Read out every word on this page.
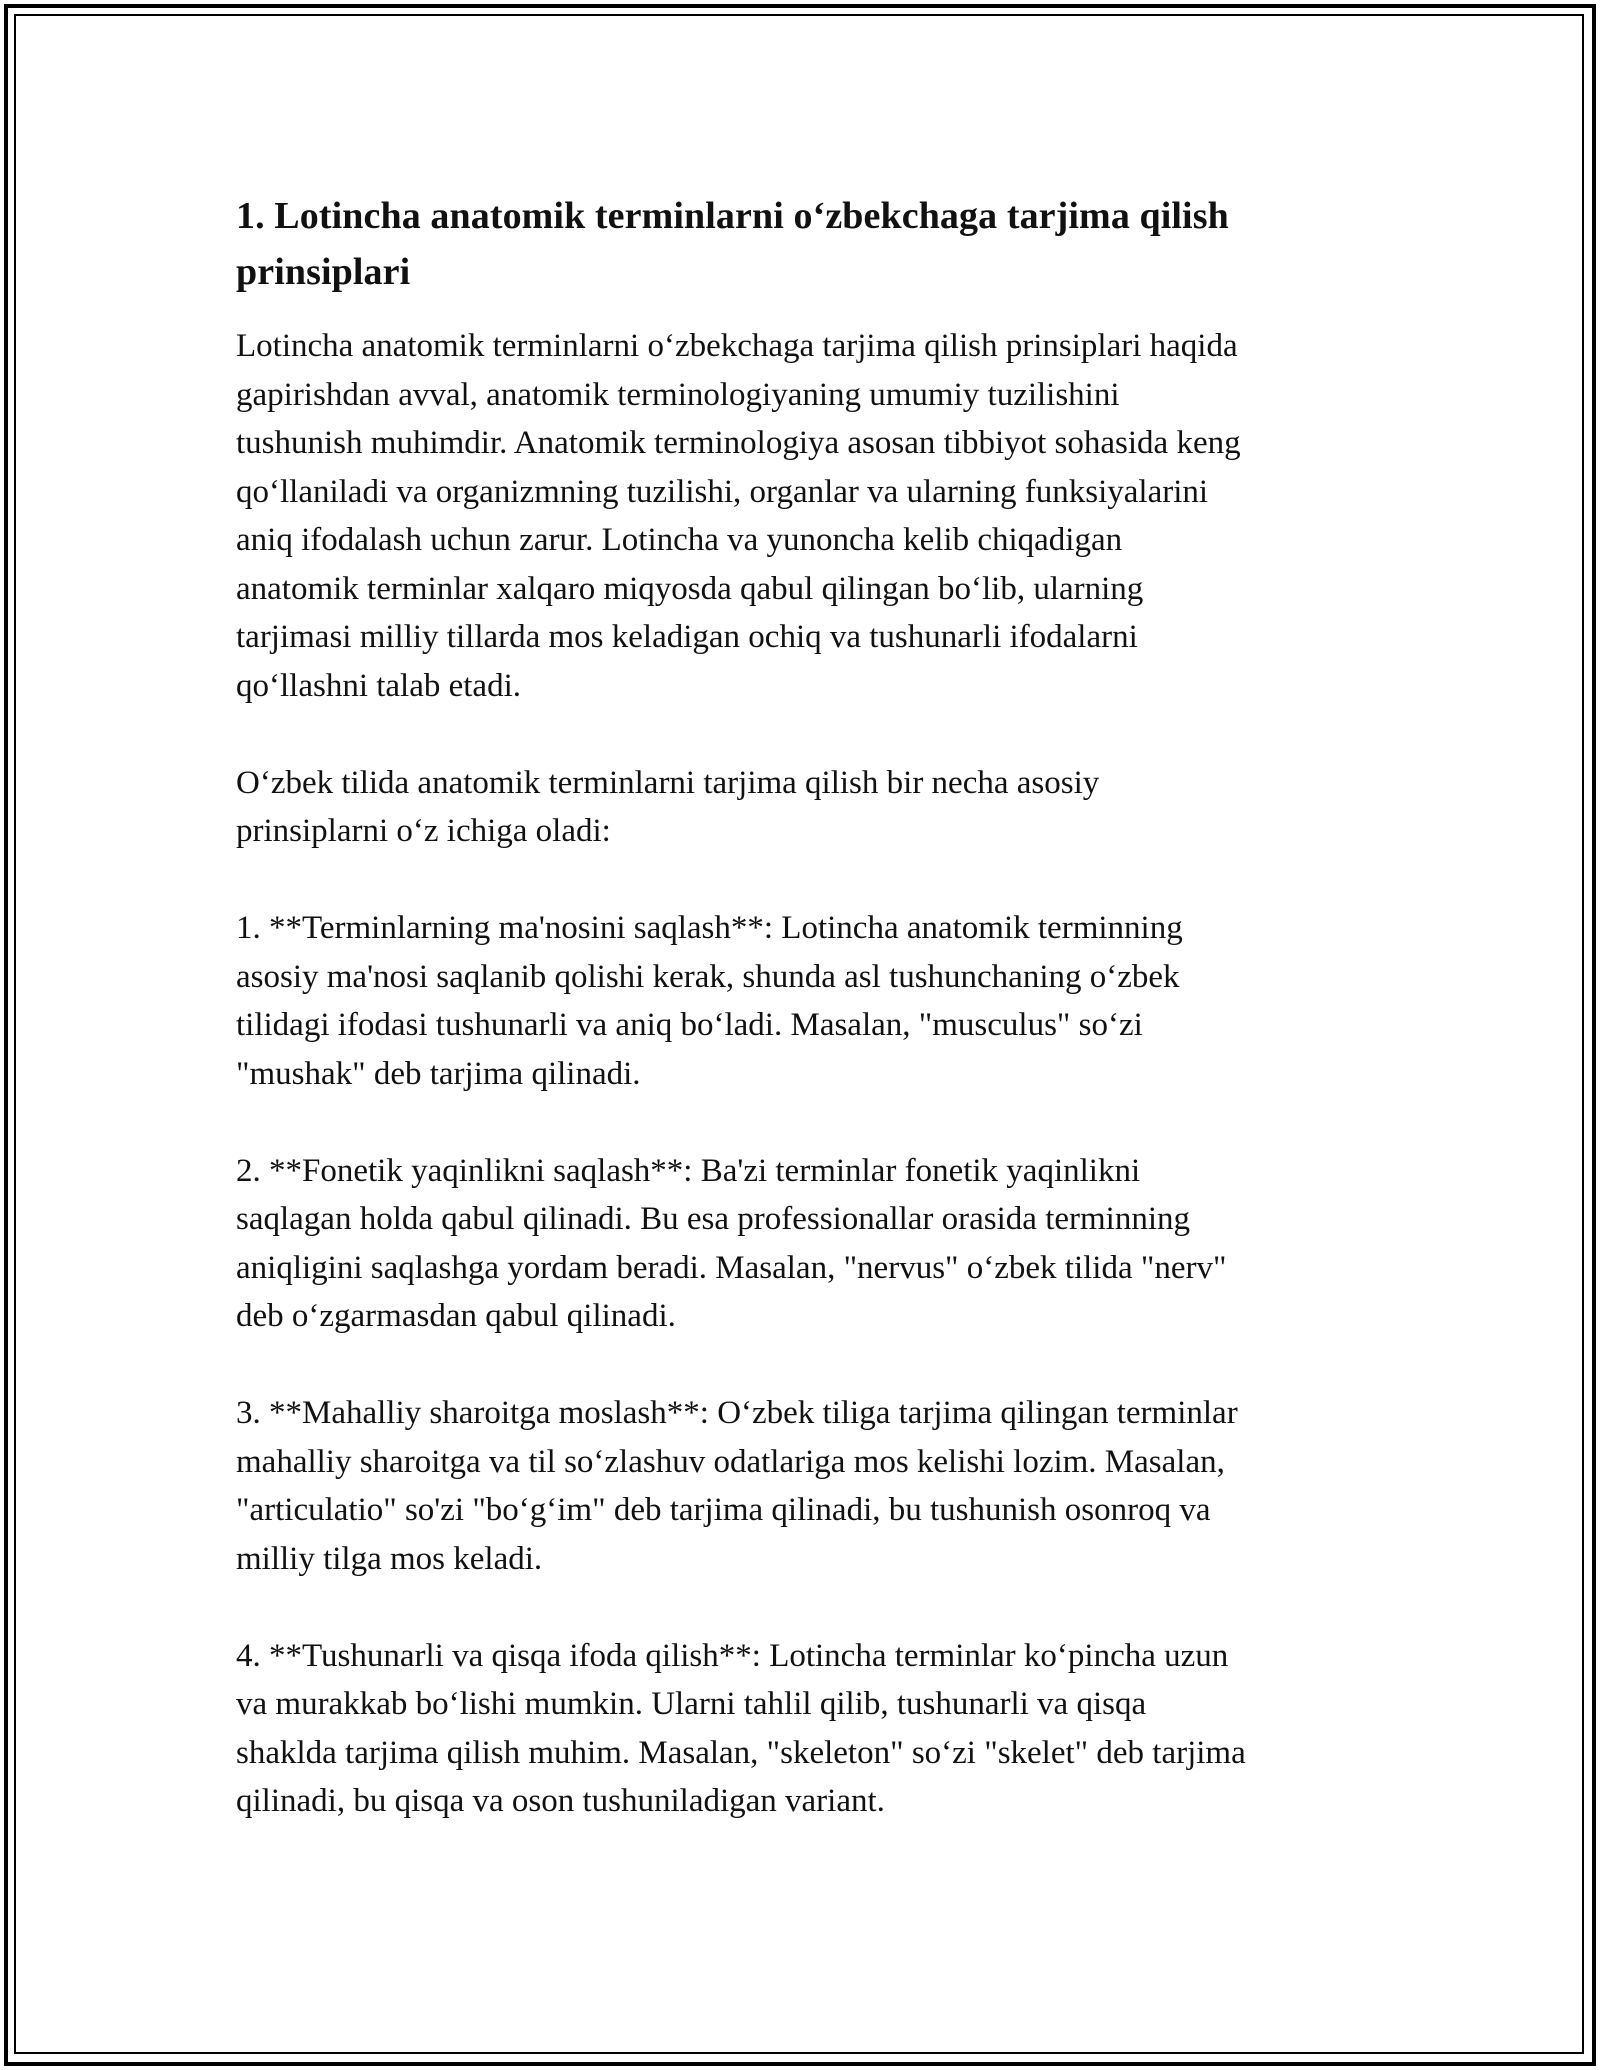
1. Lotincha anatomik terminlarni o‘zbekchaga tarjima qilish
prinsiplari

Lotincha anatomik terminlarni o‘zbekchaga tarjima qilish prinsiplari haqida
gapirishdan avval, anatomik terminologiyaning umumiy tuzilishini
tushunish muhimdir. Anatomik terminologiya asosan tibbiyot sohasida keng
qo‘llaniladi va organizmning tuzilishi, organlar va ularning funksiyalarini
aniq ifodalash uchun zarur. Lotincha va yunoncha kelib chiqadigan
anatomik terminlar xalqaro miqyosda qabul qilingan bo‘lib, ularning
tarjimasi milliy tillarda mos keladigan ochiq va tushunarli ifodalarni
qo‘llashni talab etadi.

O‘zbek tilida anatomik terminlarni tarjima qilish bir necha asosiy
prinsiplarni o‘z ichiga oladi:

1. **Terminlarning ma'nosini saqlash**: Lotincha anatomik terminning
asosiy ma'nosi saqlanib qolishi kerak, shunda asl tushunchaning o‘zbek
tilidagi ifodasi tushunarli va aniq bo‘ladi. Masalan, "musculus" so‘zi
"mushak" deb tarjima qilinadi.

2. **Fonetik yaqinlikni saqlash**: Ba'zi terminlar fonetik yaqinlikni
saqlagan holda qabul qilinadi. Bu esa professionallar orasida terminning
aniqligini saqlashga yordam beradi. Masalan, "nervus" o‘zbek tilida "nerv"
deb o‘zgarmasdan qabul qilinadi.

3. **Mahalliy sharoitga moslash**: O‘zbek tiliga tarjima qilingan terminlar
mahalliy sharoitga va til so‘zlashuv odatlariga mos kelishi lozim. Masalan,
"articulatio" so'zi "bo‘g‘im" deb tarjima qilinadi, bu tushunish osonroq va
milliy tilga mos keladi.

4. **Tushunarli va qisqa ifoda qilish**: Lotincha terminlar ko‘pincha uzun
va murakkab bo‘lishi mumkin. Ularni tahlil qilib, tushunarli va qisqa
shaklda tarjima qilish muhim. Masalan, "skeleton" so‘zi "skelet" deb tarjima
qilinadi, bu qisqa va oson tushuniladigan variant.
